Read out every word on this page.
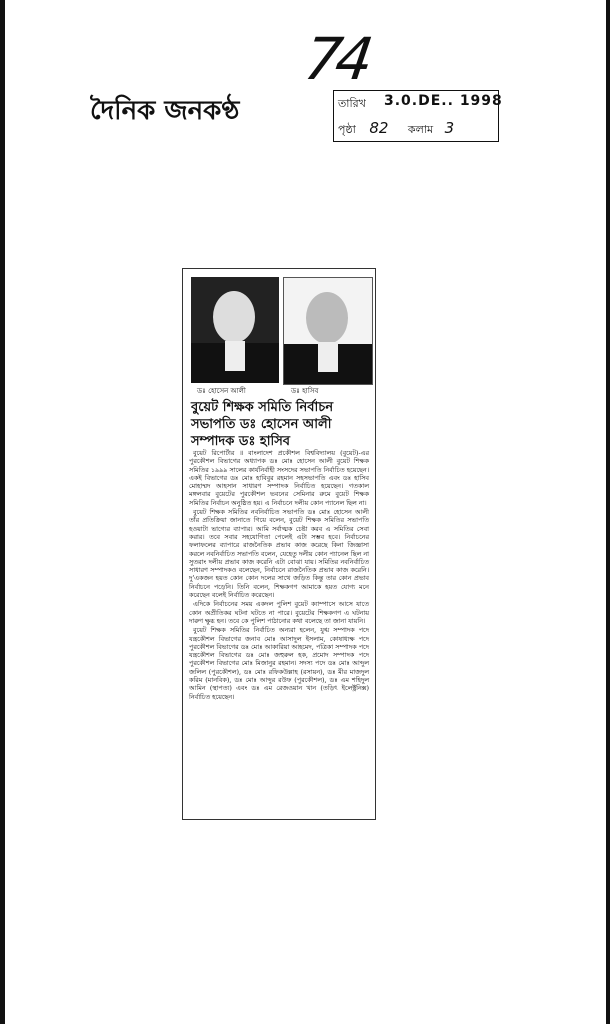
74
দৈনিক জনকণ্ঠ	তারিখ 3.0.DE.. 1998
পৃষ্ঠা 82 কলাম 3
ডঃ হোসেন আলী	ডঃ হাসিব
বুয়েট শিক্ষক সমিতি নির্বাচন
সভাপতি ডঃ হোসেন আলী
সম্পাদক ডঃ হাসিব

বুয়েট রিপোর্টার ॥ বাংলাদেশ প্রকৌশল বিশ্ববিদ্যালয় (বুয়েট)-এর পুরকৌশল বিভাগের অধ্যাপক ডঃ মোঃ হোসেন আলী বুয়েট শিক্ষক সমিতির ১৯৯৯ সালের কার্যনির্বাহী সংসদের সভাপতি নির্বাচিত হয়েছেন। একই বিভাগের ডঃ মোঃ হাবিবুর রহমান সহসভাপতি এবং ডঃ হাসিব মোহাম্মদ আহসান সাধারণ সম্পাদক নির্বাচিত হয়েছেন। গতকাল মঙ্গলবার বুয়েটের পুরকৌশল ভবনের সেমিনার রুমে বুয়েট শিক্ষক সমিতির নির্বাচন অনুষ্ঠিত হয়। এ নির্বাচনে দলীয় কোন প্যানেল ছিল না।

বুয়েট শিক্ষক সমিতির নবনির্বাচিত সভাপতি ডঃ মোঃ হোসেন আলী তাঁর প্রতিক্রিয়া জানাতে গিয়ে বলেন, বুয়েট শিক্ষক সমিতির সভাপতি হওয়াটা ভাগ্যের ব্যাপার। আমি সর্বাত্মক চেষ্টা করব এ সমিতির সেবা করার। তবে সবার সহযোগিতা পেলেই এটা সম্ভব হবে। নির্বাচনের ফলাফলের ব্যাপারে রাজনৈতিক প্রভাব কাজ করেছে কিনা জিজ্ঞাসা করলে নবনির্বাচিত সভাপতি বলেন, যেহেতু দলীয় কোন প্যানেল ছিল না সুতরাং দলীয় প্রভাব কাজ করেনি এটা বোঝা যায়। সমিতির নবনির্বাচিত সাধারণ সম্পাদকও বলেছেন, নির্বাচনে রাজনৈতিক প্রভাব কাজ করেনি। দু'একজন হয়ত কোন কোন দলের সাথে জড়িত কিন্তু তার কোন প্রভাব নির্বাচনে পড়েনি। তিনি বলেন, শিক্ষকগণ আমাকে হয়ত যোগ্য মনে করেছেন বলেই নির্বাচিত করেছেন।

এদিকে নির্বাচনের সময় একদল পুলিশ বুয়েট ক্যাম্পাসে আসে যাতে কোন অপ্রীতিকর ঘটনা ঘটতে না পারে। বুয়েটের শিক্ষকগণ এ ঘটনায় দারুণ ক্ষুব্ধ হন। তবে কে পুলিশ পাঠানোর কথা বলেছে তা জানা যায়নি।

বুয়েট শিক্ষক সমিতির নির্বাচিত অন্যরা হলেন, যুগ্ম সম্পাদক পদে যন্ত্রকৌশল বিভাগের জনাব মোঃ আসাদুল ইসলাম, কোষাধ্যক্ষ পদে পুরকৌশল বিভাগের ডঃ মোঃ আকারিয়া আহমেদ, পত্রিকা সম্পাদক পদে যন্ত্রকৌশল বিভাগের ডঃ মোঃ জহুরুল হক, প্রমোদ সম্পাদক পদে পুরকৌশল বিভাগের মোঃ মিজানুর রহমান। সদস্য পদে ডঃ মোঃ আব্দুল জলিল (পুরকৌশল), ডঃ মোঃ রফিকউল্লাহ (রসায়ন), ডঃ মীর মাজদুল করিম (মানবিক), ডঃ মোঃ আব্দুর রউফ (পুরকৌশল), ডঃ এম শহিদুল আমিন (স্থাপত্য) এবং ডঃ এম রেজওয়ান খান (তড়িৎ ইলেক্ট্রনিক্স) নির্বাচিত হয়েছেন।
